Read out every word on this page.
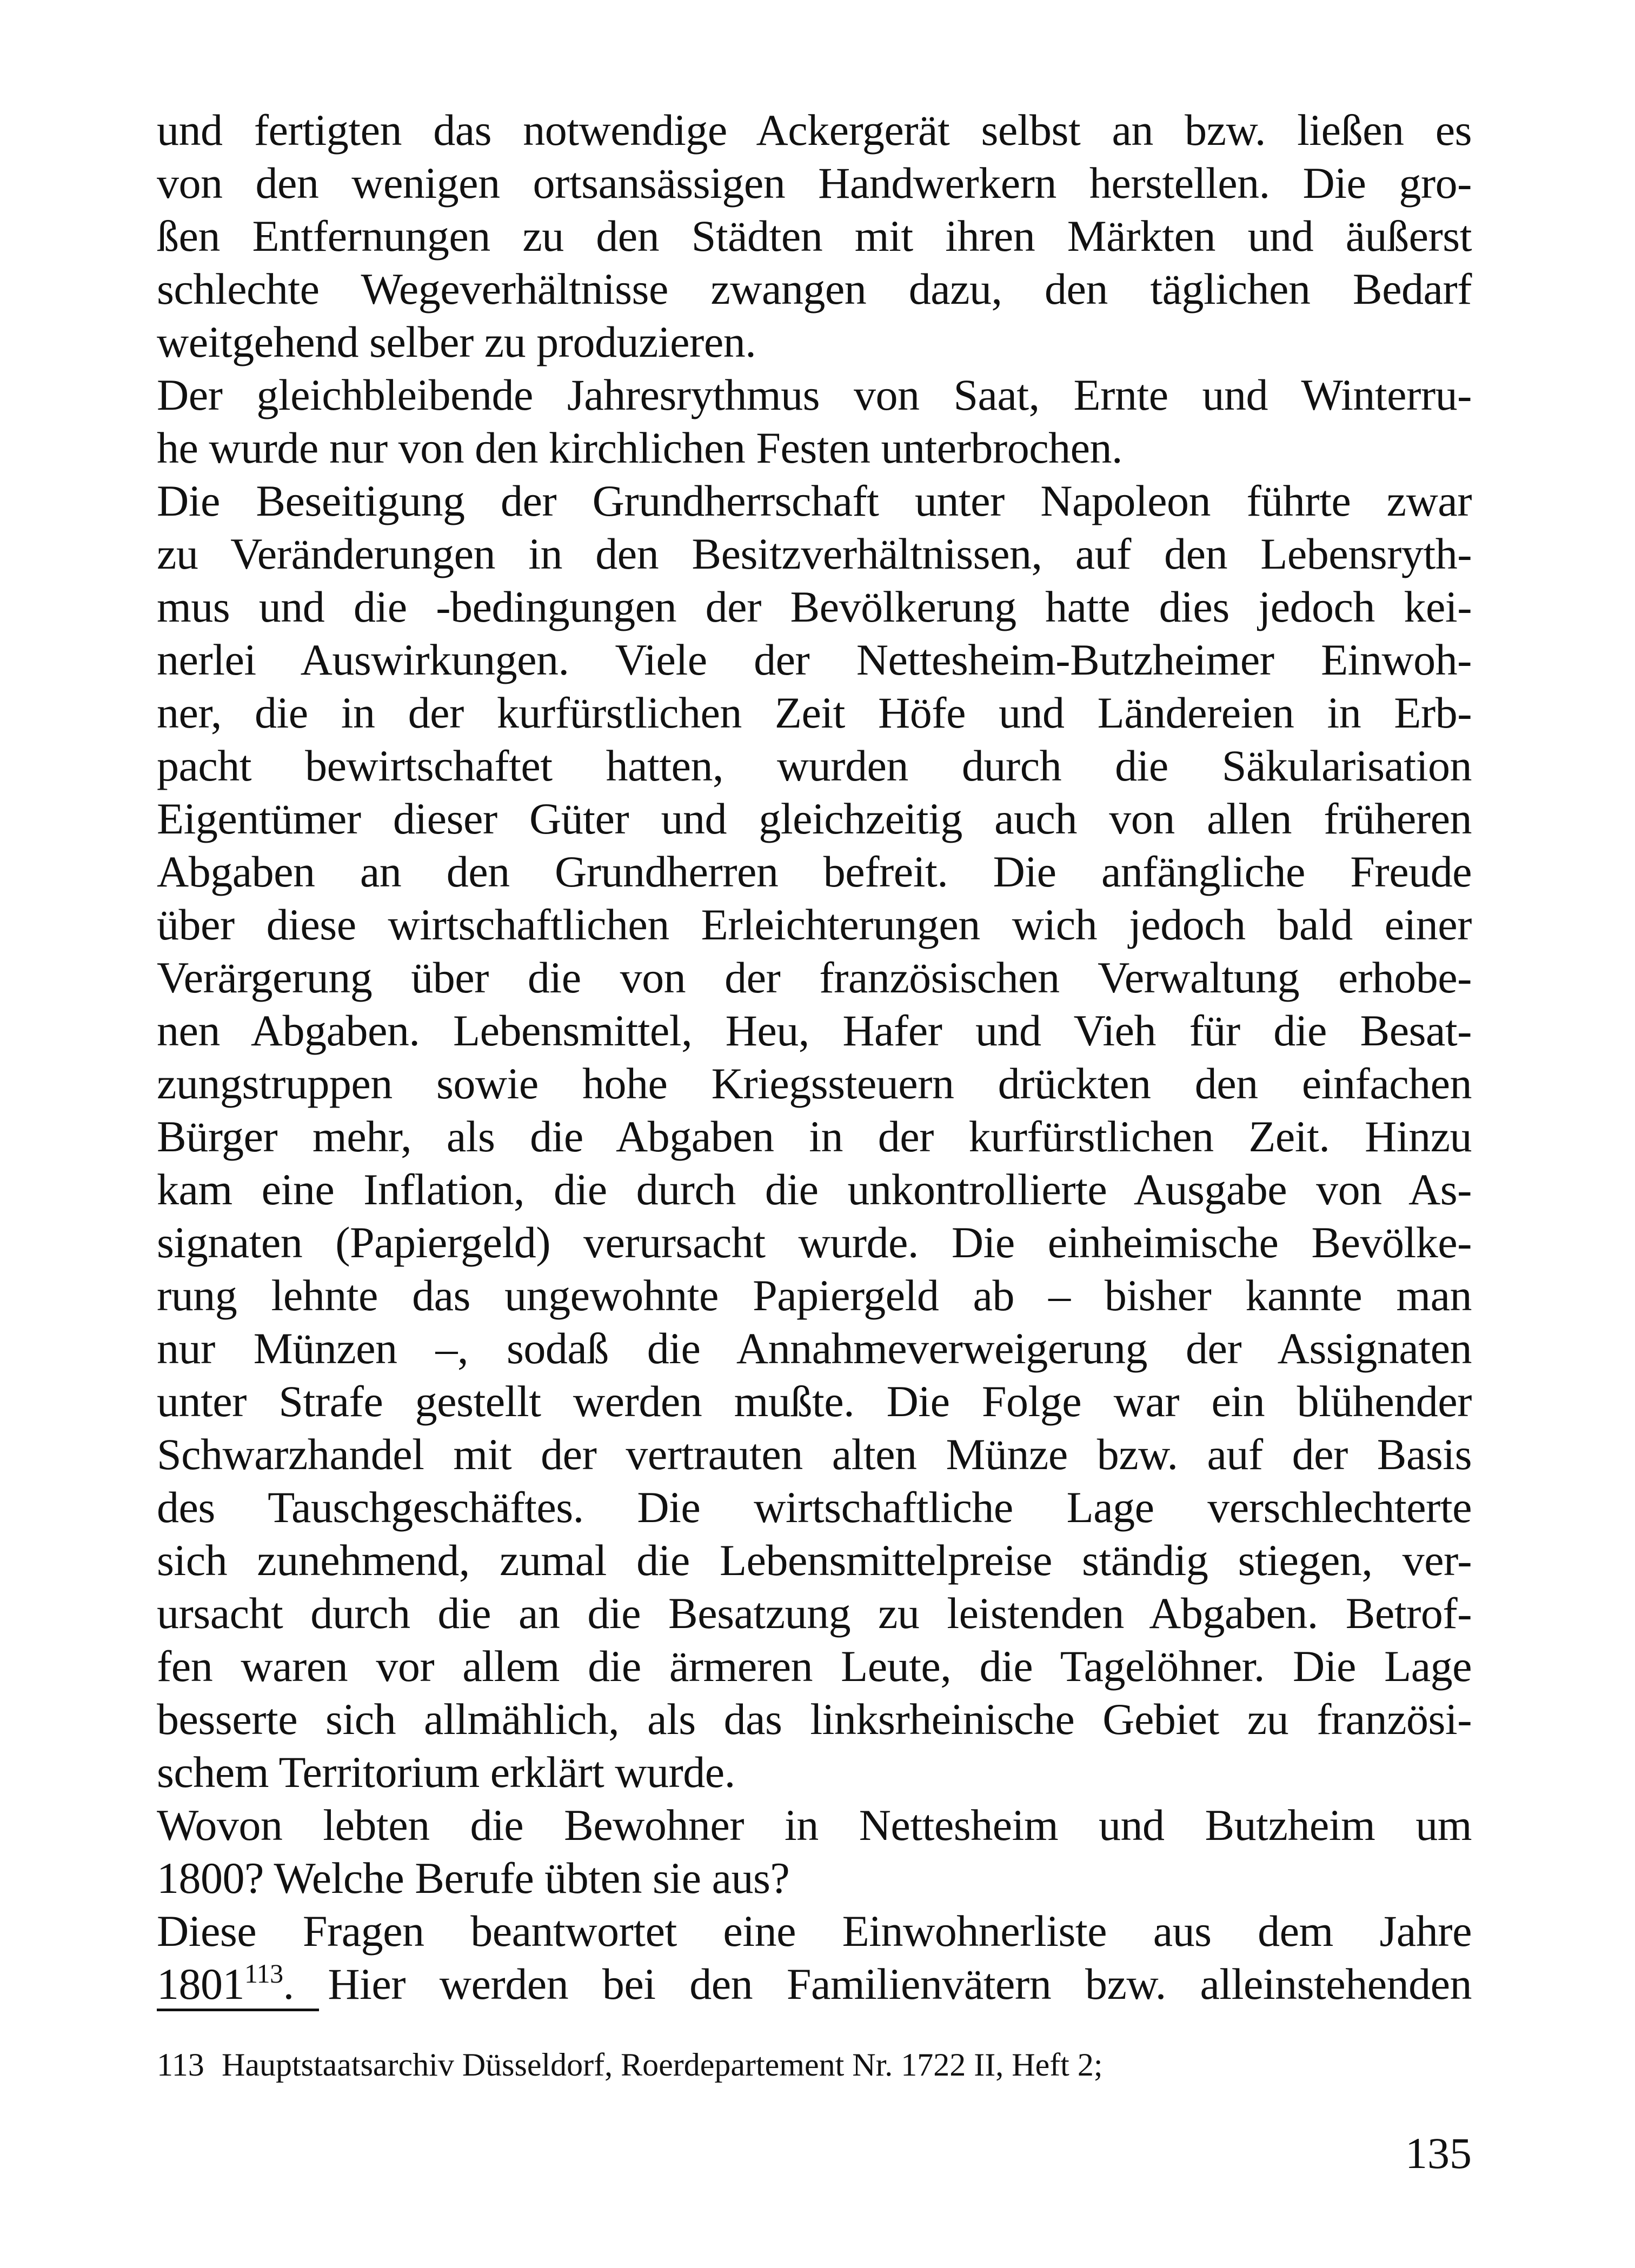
und fertigten das notwendige Ackergerät selbst an bzw. ließen es
von den wenigen ortsansässigen Handwerkern herstellen. Die gro-
ßen Entfernungen zu den Städten mit ihren Märkten und äußerst
schlechte Wegeverhältnisse zwangen dazu, den täglichen Bedarf
weitgehend selber zu produzieren.
Der gleichbleibende Jahresrythmus von Saat, Ernte und Winterru-
he wurde nur von den kirchlichen Festen unterbrochen.
Die Beseitigung der Grundherrschaft unter Napoleon führte zwar
zu Veränderungen in den Besitzverhältnissen, auf den Lebensryth-
mus und die -bedingungen der Bevölkerung hatte dies jedoch kei-
nerlei Auswirkungen. Viele der Nettesheim-Butzheimer Einwoh-
ner, die in der kurfürstlichen Zeit Höfe und Ländereien in Erb-
pacht bewirtschaftet hatten, wurden durch die Säkularisation
Eigentümer dieser Güter und gleichzeitig auch von allen früheren
Abgaben an den Grundherren befreit. Die anfängliche Freude
über diese wirtschaftlichen Erleichterungen wich jedoch bald einer
Verärgerung über die von der französischen Verwaltung erhobe-
nen Abgaben. Lebensmittel, Heu, Hafer und Vieh für die Besat-
zungstruppen sowie hohe Kriegssteuern drückten den einfachen
Bürger mehr, als die Abgaben in der kurfürstlichen Zeit. Hinzu
kam eine Inflation, die durch die unkontrollierte Ausgabe von As-
signaten (Papiergeld) verursacht wurde. Die einheimische Bevölke-
rung lehnte das ungewohnte Papiergeld ab – bisher kannte man
nur Münzen –, sodaß die Annahmeverweigerung der Assignaten
unter Strafe gestellt werden mußte. Die Folge war ein blühender
Schwarzhandel mit der vertrauten alten Münze bzw. auf der Basis
des Tauschgeschäftes. Die wirtschaftliche Lage verschlechterte
sich zunehmend, zumal die Lebensmittelpreise ständig stiegen, ver-
ursacht durch die an die Besatzung zu leistenden Abgaben. Betrof-
fen waren vor allem die ärmeren Leute, die Tagelöhner. Die Lage
besserte sich allmählich, als das linksrheinische Gebiet zu französi-
schem Territorium erklärt wurde.
Wovon lebten die Bewohner in Nettesheim und Butzheim um
1800? Welche Berufe übten sie aus?
Diese Fragen beantwortet eine Einwohnerliste aus dem Jahre
1801$^{113}$. Hier werden bei den Familienvätern bzw. alleinstehenden
113 Hauptstaatsarchiv Düsseldorf, Roerdepartement Nr. 1722 II, Heft 2;
135
